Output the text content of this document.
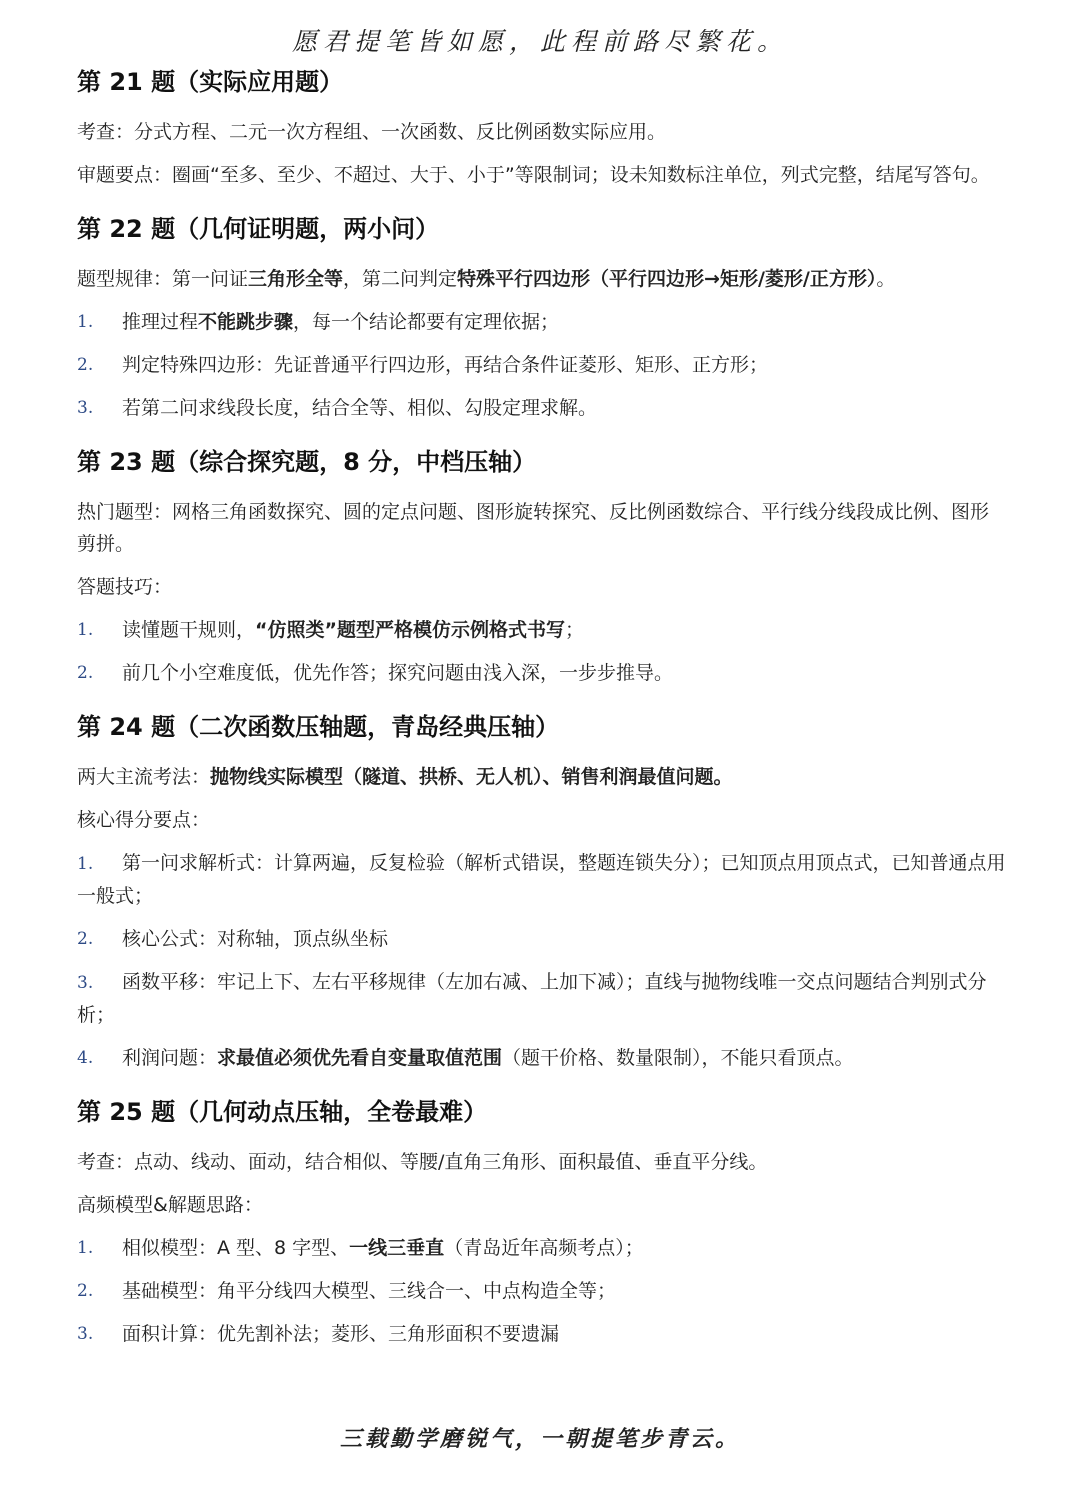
愿君提笔皆如愿，此程前路尽繁花。
第 21 题（实际应用题）

考查：分式方程、二元一次方程组、一次函数、反比例函数实际应用。

审题要点：圈画“至多、至少、不超过、大于、小于”等限制词；设未知数标注单位，列式完整，结尾写答句。

第 22 题（几何证明题，两小问）

题型规律：第一问证三角形全等，第二问判定特殊平行四边形（平行四边形→矩形/菱形/正方形）。

1.	推理过程不能跳步骤，每一个结论都要有定理依据；
2.	判定特殊四边形：先证普通平行四边形，再结合条件证菱形、矩形、正方形；
3.	若第二问求线段长度，结合全等、相似、勾股定理求解。
第 23 题（综合探究题，8 分，中档压轴）

热门题型：网格三角函数探究、圆的定点问题、图形旋转探究、反比例函数综合、平行线分线段成比例、图形剪拼。

答题技巧：

1.	读懂题干规则，“仿照类”题型严格模仿示例格式书写；
2.	前几个小空难度低，优先作答；探究问题由浅入深，一步步推导。
第 24 题（二次函数压轴题，青岛经典压轴）

两大主流考法：抛物线实际模型（隧道、拱桥、无人机）、销售利润最值问题。

核心得分要点：

1. 第一问求解析式：计算两遍，反复检验（解析式错误，整题连锁失分）；已知顶点用顶点式，已知普通点用一般式；
2.	核心公式：对称轴，顶点纵坐标
3. 函数平移：牢记上下、左右平移规律（左加右减、上加下减）；直线与抛物线唯一交点问题结合判别式分析；
4.	利润问题：求最值必须优先看自变量取值范围（题干价格、数量限制），不能只看顶点。
第 25 题（几何动点压轴，全卷最难）

考查：点动、线动、面动，结合相似、等腰/直角三角形、面积最值、垂直平分线。

高频模型&解题思路：

1.	相似模型：A 型、8 字型、一线三垂直（青岛近年高频考点）；
2.	基础模型：角平分线四大模型、三线合一、中点构造全等；
3.	面积计算：优先割补法；菱形、三角形面积不要遗漏
三载勤学磨锐气，一朝提笔步青云。
